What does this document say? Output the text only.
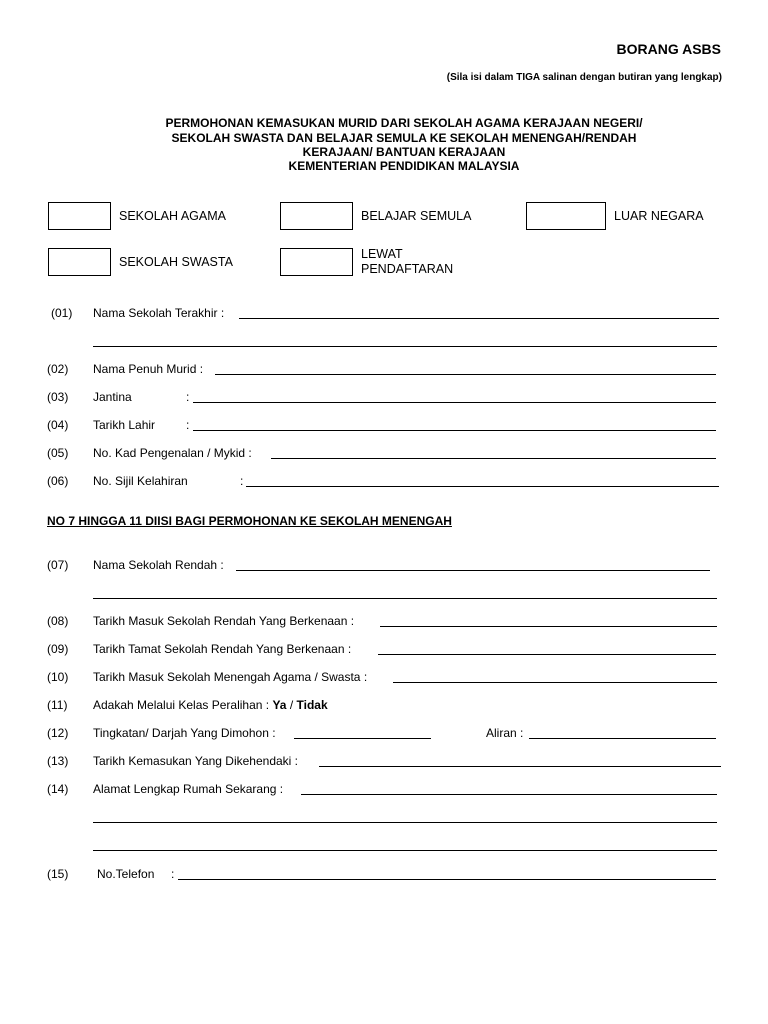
BORANG ASBS
(Sila isi dalam TIGA salinan dengan butiran yang lengkap)
PERMOHONAN KEMASUKAN MURID DARI SEKOLAH AGAMA KERAJAAN NEGERI/
SEKOLAH SWASTA DAN BELAJAR SEMULA KE SEKOLAH MENENGAH/RENDAH
KERAJAAN/ BANTUAN KERAJAAN
KEMENTERIAN PENDIDIKAN MALAYSIA
SEKOLAH AGAMA	BELAJAR SEMULA	LUAR NEGARA
SEKOLAH SWASTA
LEWAT
PENDAFTARAN
(01) Nama Sekolah Terakhir :
(02) Nama Penuh Murid :
(03) Jantina	:
(04) Tarikh Lahir	:
(05) No. Kad Pengenalan / Mykid :
(06) No. Sijil Kelahiran	:
NO 7 HINGGA 11 DIISI BAGI PERMOHONAN KE SEKOLAH MENENGAH
(07) Nama Sekolah Rendah :
(08) Tarikh Masuk Sekolah Rendah Yang Berkenaan :
(09) Tarikh Tamat Sekolah Rendah Yang Berkenaan :
(10) Tarikh Masuk Sekolah Menengah Agama / Swasta :
(11) Adakah Melalui Kelas Peralihan : Ya / Tidak
(12) Tingkatan/ Darjah Yang Dimohon :	Aliran :
(13) Tarikh Kemasukan Yang Dikehendaki :
(14) Alamat Lengkap Rumah Sekarang :
(15) No.Telefon :
